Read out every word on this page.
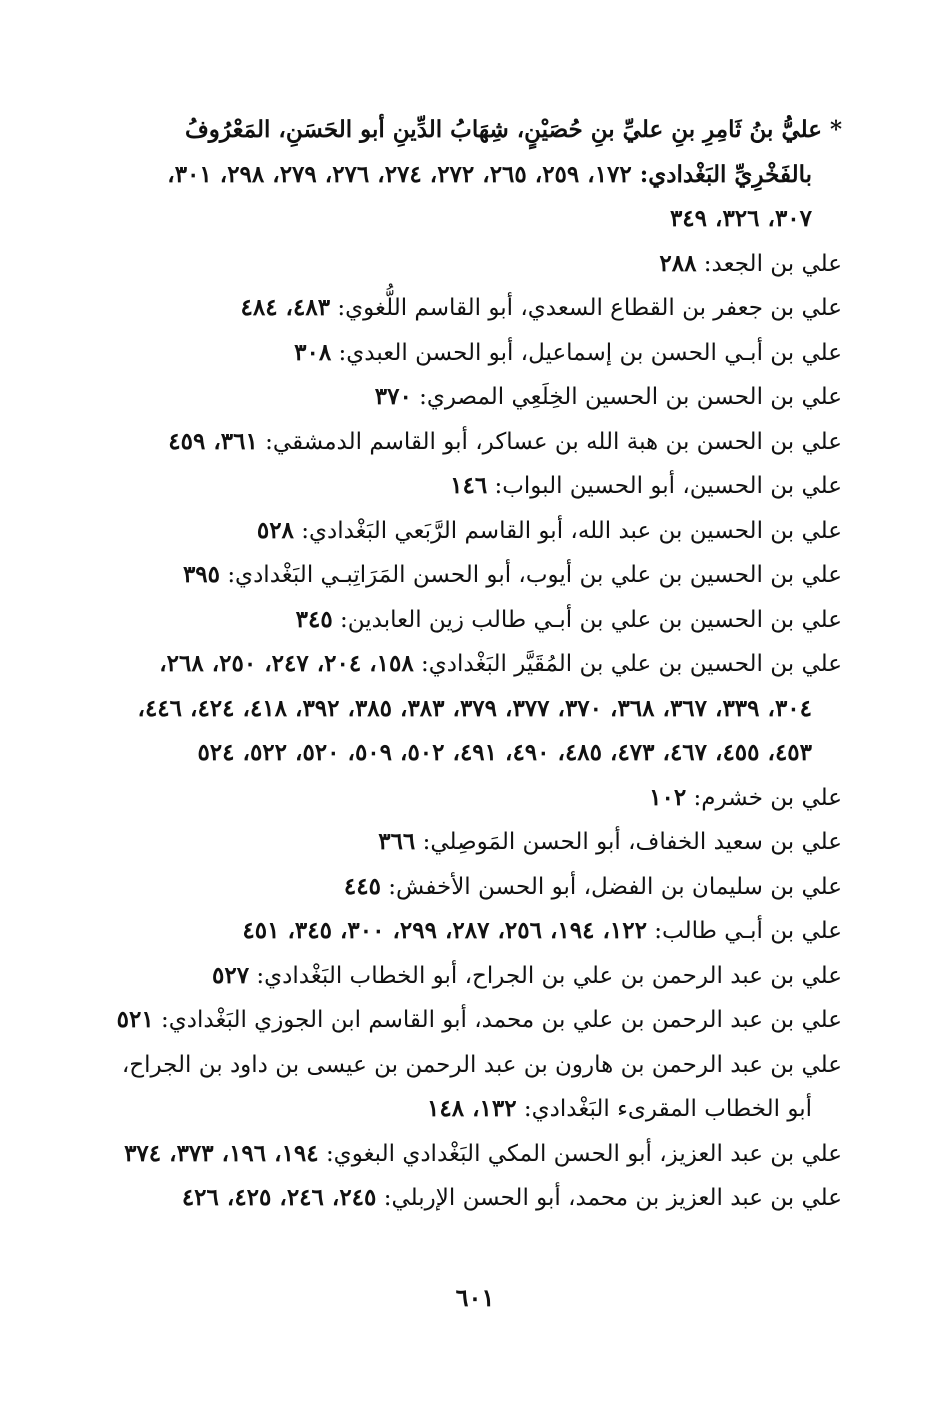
* عليُّ بنُ ثَامِرِ بنِ عليِّ بنِ حُصَيْنٍ، شِهَابُ الدِّينِ أبو الحَسَنِ، المَعْرُوفُ بالفَخْرِيِّ البَغْدادي: ١٧٢، ٢٥٩، ٢٦٥، ٢٧٢، ٢٧٤، ٢٧٦، ٢٧٩، ٢٩٨، ٣٠١، ٣٠٧، ٣٢٦، ٣٤٩
علي بن الجعد: ٢٨٨
علي بن جعفر بن القطاع السعدي، أبو القاسم اللُّغوي: ٤٨٣، ٤٨٤
علي بن أبـي الحسن بن إسماعيل، أبو الحسن العبدي: ٣٠٨
علي بن الحسن بن الحسين الخِلَعِي المصري: ٣٧٠
علي بن الحسن بن هبة الله بن عساكر، أبو القاسم الدمشقي: ٣٦١، ٤٥٩
علي بن الحسين، أبو الحسين البواب: ١٤٦
علي بن الحسين بن عبد الله، أبو القاسم الرَّبَعي البَغْدادي: ٥٢٨
علي بن الحسين بن علي بن أيوب، أبو الحسن المَرَاتِبـي البَغْدادي: ٣٩٥
علي بن الحسين بن علي بن أبـي طالب زين العابدين: ٣٤٥
علي بن الحسين بن علي بن المُقَيَّر البَغْدادي: ١٥٨، ٢٠٤، ٢٤٧، ٢٥٠، ٢٦٨، ٣٠٤، ٣٣٩، ٣٦٧، ٣٦٨، ٣٧٠، ٣٧٧، ٣٧٩، ٣٨٣، ٣٨٥، ٣٩٢، ٤١٨، ٤٢٤، ٤٤٦، ٤٥٣، ٤٥٥، ٤٦٧، ٤٧٣، ٤٨٥، ٤٩٠، ٤٩١، ٥٠٢، ٥٠٩، ٥٢٠، ٥٢٢، ٥٢٤
علي بن خشرم: ١٠٢
علي بن سعيد الخفاف، أبو الحسن المَوصِلي: ٣٦٦
علي بن سليمان بن الفضل، أبو الحسن الأخفش: ٤٤٥
علي بن أبـي طالب: ١٢٢، ١٩٤، ٢٥٦، ٢٨٧، ٢٩٩، ٣٠٠، ٣٤٥، ٤٥١
علي بن عبد الرحمن بن علي بن الجراح، أبو الخطاب البَغْدادي: ٥٢٧
علي بن عبد الرحمن بن علي بن محمد، أبو القاسم ابن الجوزي البَغْدادي: ٥٢١
علي بن عبد الرحمن بن هارون بن عبد الرحمن بن عيسى بن داود بن الجراح، أبو الخطاب المقرىء البَغْدادي: ١٣٢، ١٤٨
علي بن عبد العزيز، أبو الحسن المكي البَغْدادي البغوي: ١٩٤، ١٩٦، ٣٧٣، ٣٧٤
علي بن عبد العزيز بن محمد، أبو الحسن الإربلي: ٢٤٥، ٢٤٦، ٤٢٥، ٤٢٦
٦٠١
